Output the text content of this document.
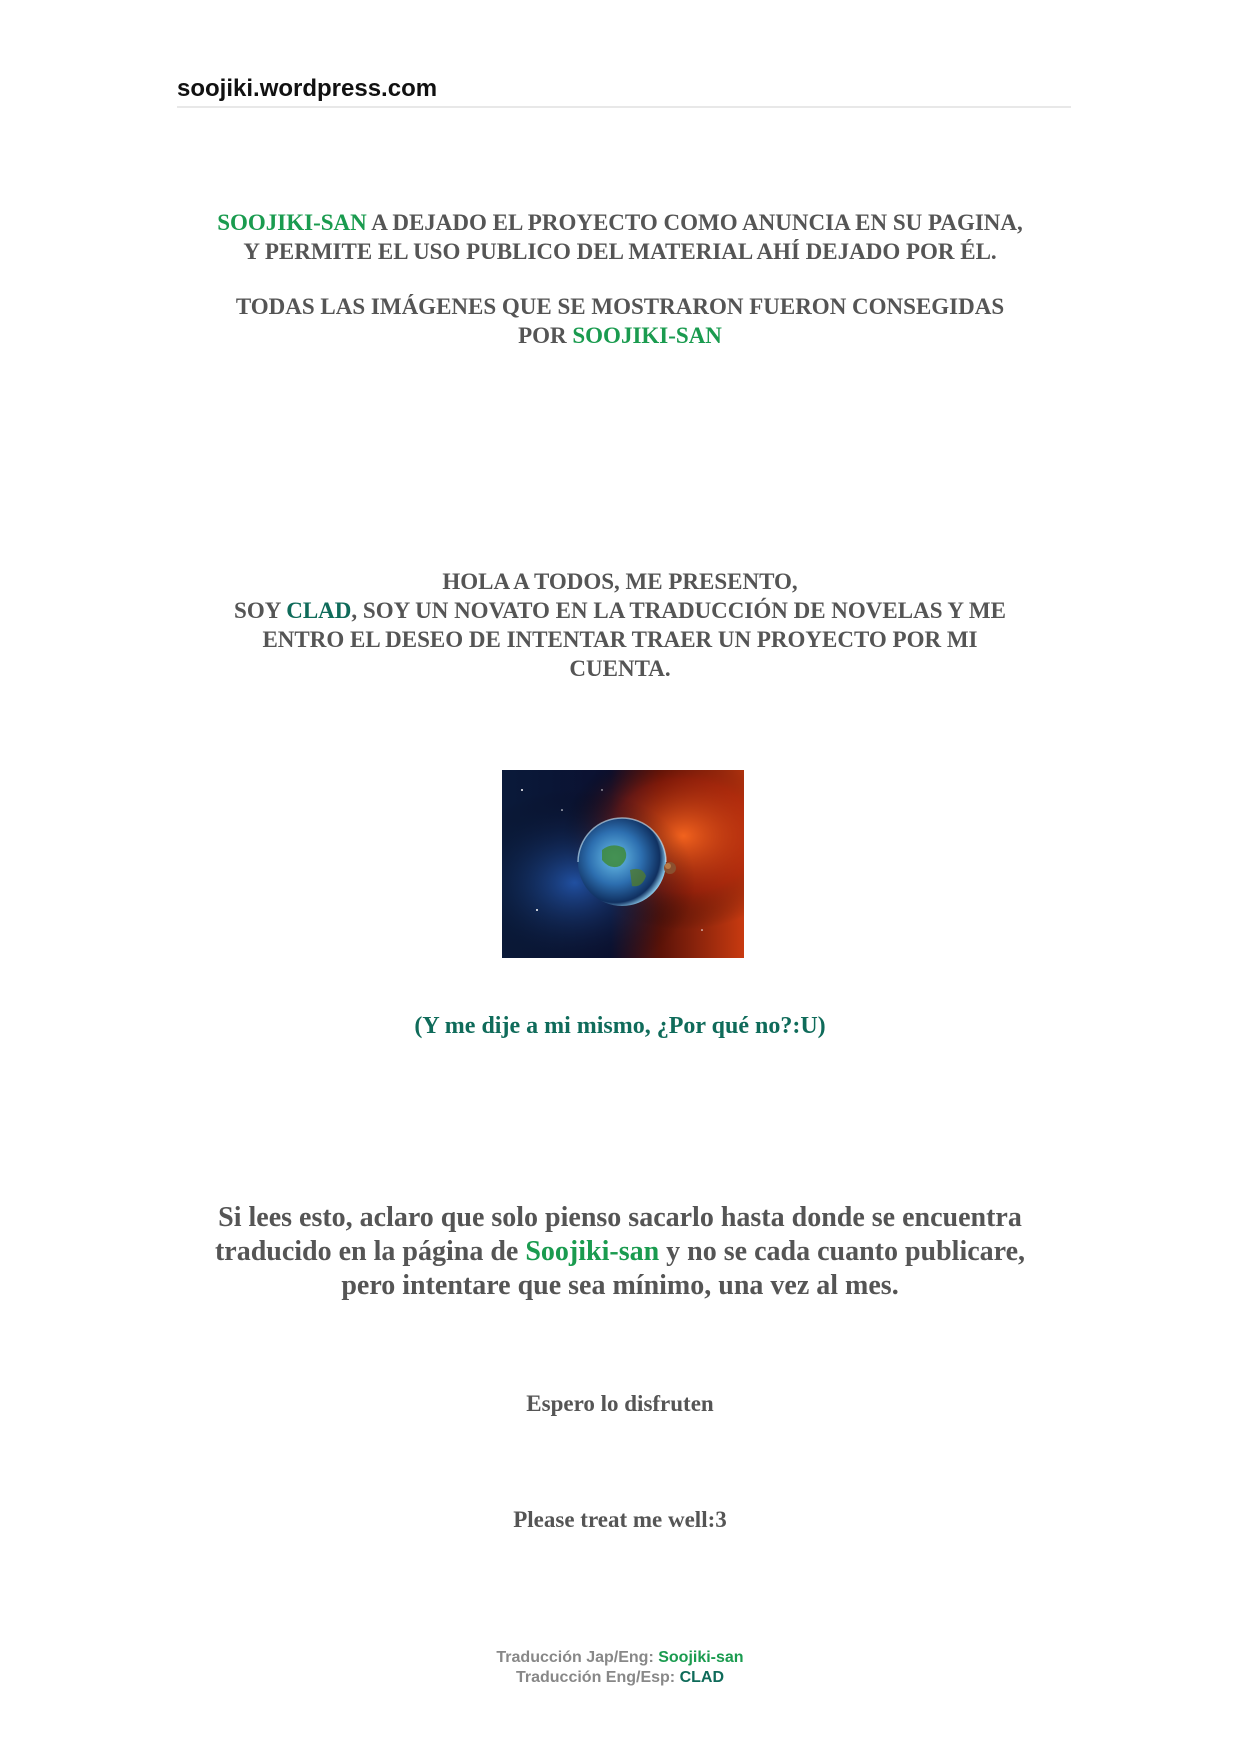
soojiki.wordpress.com
SOOJIKI-SAN A DEJADO EL PROYECTO COMO ANUNCIA EN SU PAGINA,
Y PERMITE EL USO PUBLICO DEL MATERIAL AHÍ DEJADO POR ÉL.
TODAS LAS IMÁGENES QUE SE MOSTRARON FUERON CONSEGIDAS
POR SOOJIKI-SAN
HOLA A TODOS, ME PRESENTO,
SOY CLAD, SOY UN NOVATO EN LA TRADUCCIÓN DE NOVELAS Y ME
ENTRO EL DESEO DE INTENTAR TRAER UN PROYECTO POR MI
CUENTA.
(Y me dije a mi mismo, ¿Por qué no?:U)
Si lees esto, aclaro que solo pienso sacarlo hasta donde se encuentra
traducido en la página de Soojiki-san y no se cada cuanto publicare,
pero intentare que sea mínimo, una vez al mes.
Espero lo disfruten
Please treat me well:3
Traducción Jap/Eng: Soojiki-san
Traducción Eng/Esp: CLAD
